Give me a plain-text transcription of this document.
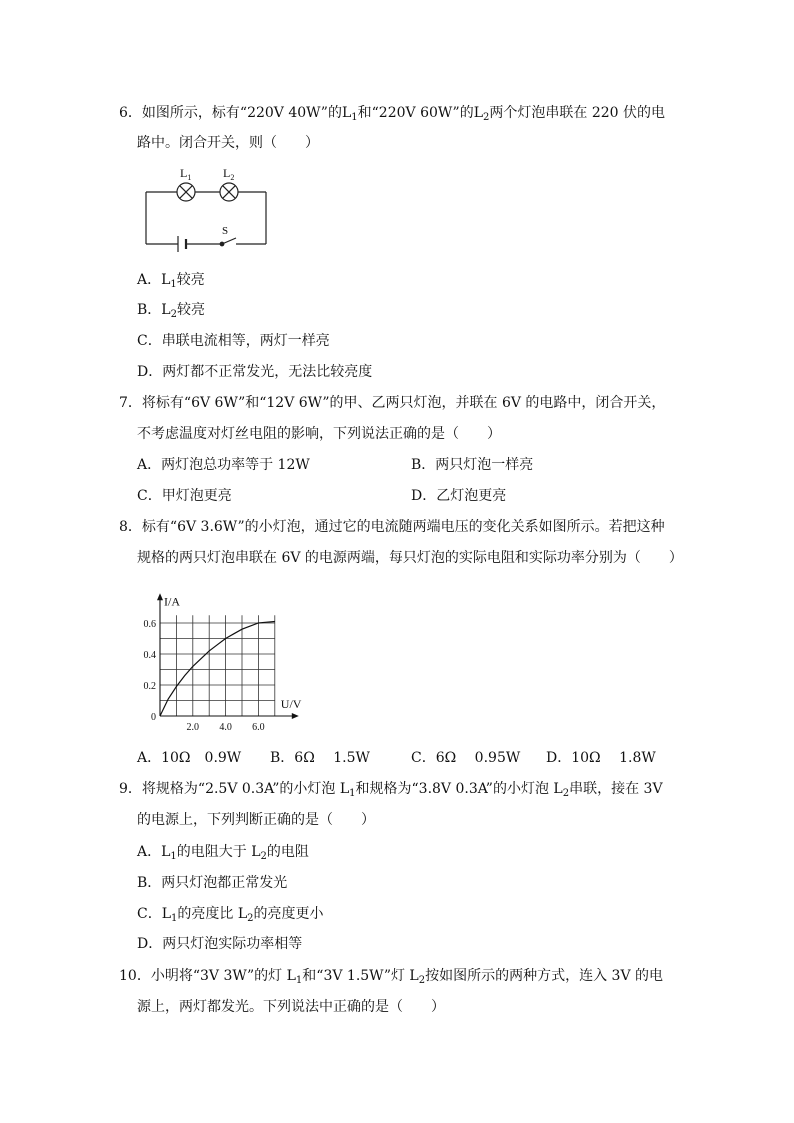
6．如图所示，标有“220V 40W”的$L_1$和“220V 60W”的$L_2$两个灯泡串联在 220 伏的电
路中。闭合开关，则（　　）
$L_1$	$L_2$
S
A．$L_1$较亮
B．$L_2$较亮
C．串联电流相等，两灯一样亮
D．两灯都不正常发光，无法比较亮度
7．将标有“6V 6W”和“12V 6W”的甲、乙两只灯泡，并联在 6V 的电路中，闭合开关，
不考虑温度对灯丝电阻的影响，下列说法正确的是（　　）
A．两灯泡总功率等于 12W	B．两只灯泡一样亮
C．甲灯泡更亮	D．乙灯泡更亮
8．标有“6V 3.6W”的小灯泡，通过它的电流随两端电压的变化关系如图所示。若把这种
规格的两只灯泡串联在 6V 的电源两端，每只灯泡的实际电阻和实际功率分别为（　　）
2.0 4.0 6.0
0
0.2
0.4
0.6
I/A
U/V
A．10Ω　0.9W B．6Ω　 1.5W	C．6Ω　 0.95W D．10Ω　 1.8W
9．将规格为“2.5V 0.3A”的小灯泡 $L_1$和规格为“3.8V 0.3A”的小灯泡 $L_2$串联，接在 3V
的电源上，下列判断正确的是（　　）
A．$L_1$的电阻大于 $L_2$的电阻
B．两只灯泡都正常发光
C．$L_1$的亮度比 $L_2$的亮度更小
D．两只灯泡实际功率相等
10．小明将“3V 3W”的灯 $L_1$和“3V 1.5W”灯 $L_2$按如图所示的两种方式，连入 3V 的电
源上，两灯都发光。下列说法中正确的是（　　）
